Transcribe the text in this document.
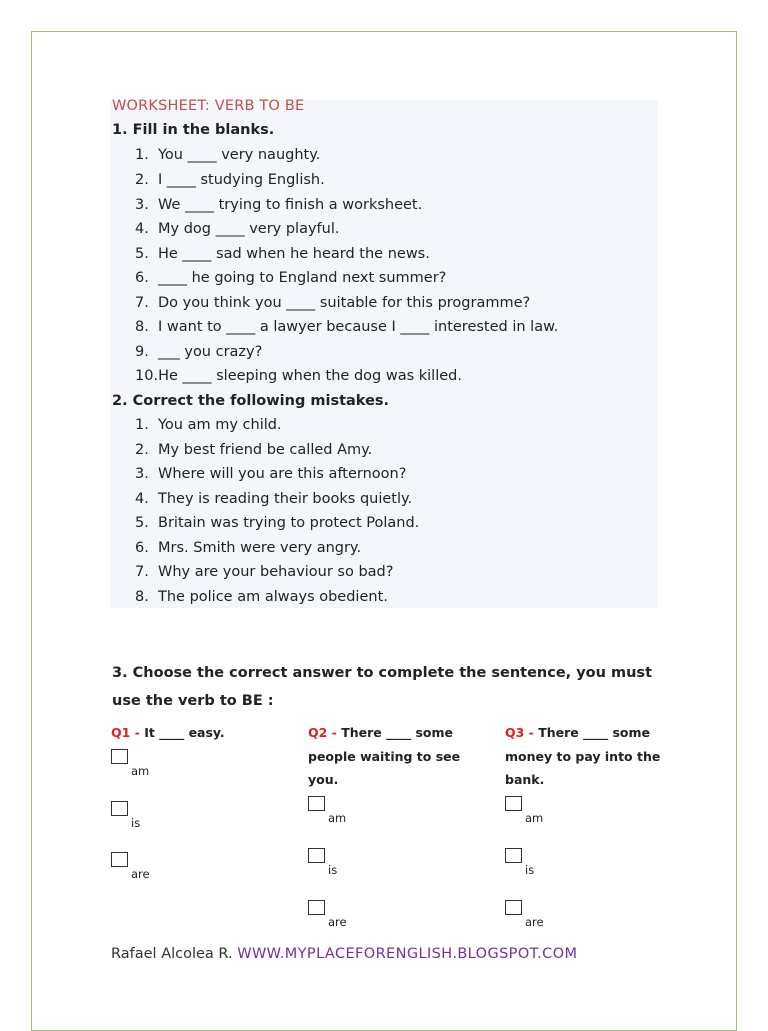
WORKSHEET: VERB TO BE
1. Fill in the blanks.
1. You ____ very naughty.
2. I ____ studying English.
3. We ____ trying to finish a worksheet.
4. My dog ____ very playful.
5. He ____ sad when he heard the news.
6. ____ he going to England next summer?
7. Do you think you ____ suitable for this programme?
8. I want to ____ a lawyer because I ____ interested in law.
9. ___ you crazy?
10.He ____ sleeping when the dog was killed.
2. Correct the following mistakes.
1. You am my child.
2. My best friend be called Amy.
3. Where will you are this afternoon?
4. They is reading their books quietly.
5. Britain was trying to protect Poland.
6. Mrs. Smith were very angry.
7. Why are your behaviour so bad?
8. The police am always obedient.
3. Choose the correct answer to complete the sentence, you must use the verb to BE :
Q1 - It ____ easy.
am
is
are
Q2 - There ____ some people waiting to see you.
am
is
are
Q3 - There ____ some money to pay into the bank.
am
is
are
Rafael Alcolea R. WWW.MYPLACEFORENGLISH.BLOGSPOT.COM
